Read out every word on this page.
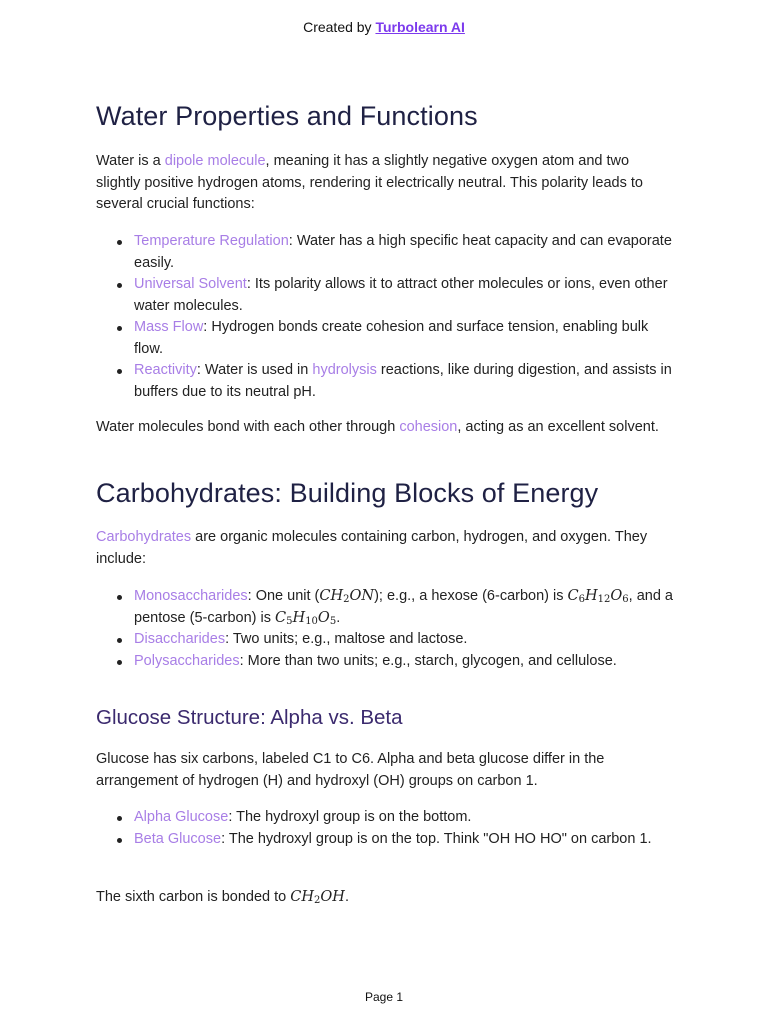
Created by Turbolearn AI
Water Properties and Functions

Water is a dipole molecule, meaning it has a slightly negative oxygen atom and two slightly positive hydrogen atoms, rendering it electrically neutral. This polarity leads to several crucial functions:

Temperature Regulation: Water has a high specific heat capacity and can evaporate easily.
Universal Solvent: Its polarity allows it to attract other molecules or ions, even other water molecules.
Mass Flow: Hydrogen bonds create cohesion and surface tension, enabling bulk flow.
Reactivity: Water is used in hydrolysis reactions, like during digestion, and assists in buffers due to its neutral pH.

Water molecules bond with each other through cohesion, acting as an excellent solvent.

Carbohydrates: Building Blocks of Energy

Carbohydrates are organic molecules containing carbon, hydrogen, and oxygen. They include:

Monosaccharides: One unit $(CH_2ON)$; e.g., a hexose (6-carbon) is $C_6H_{12}O_6$, and a pentose (5-carbon) is $C_5H_{10}O_5$.
Disaccharides: Two units; e.g., maltose and lactose.
Polysaccharides: More than two units; e.g., starch, glycogen, and cellulose.
Glucose Structure: Alpha vs. Beta

Glucose has six carbons, labeled C1 to C6. Alpha and beta glucose differ in the arrangement of hydrogen (H) and hydroxyl (OH) groups on carbon 1.

Alpha Glucose: The hydroxyl group is on the bottom.
Beta Glucose: The hydroxyl group is on the top. Think "OH HO HO" on carbon 1.

The sixth carbon is bonded to $CH_2OH$.

Page 1
